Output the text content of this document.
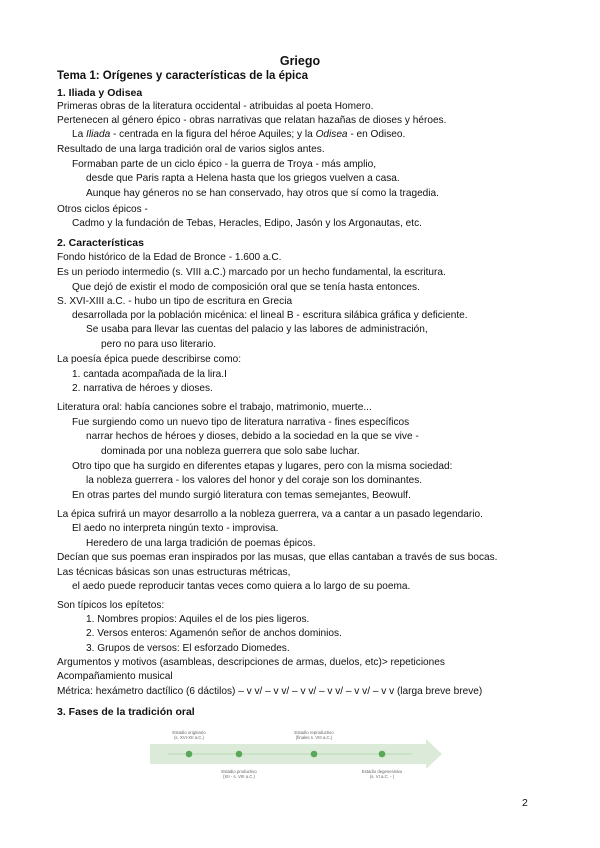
Griego
Tema 1: Orígenes y características de la épica
1. Iliada y Odisea
Primeras obras de la literatura occidental - atribuidas al poeta Homero.
Pertenecen al género épico - obras narrativas que relatan hazañas de dioses y héroes.
La Iliada - centrada en la figura del héroe Aquiles; y la Odisea - en Odiseo.
Resultado de una larga tradición oral de varios siglos antes.
Formaban parte de un ciclo épico - la guerra de Troya - más amplio,
desde que Paris rapta a Helena hasta que los griegos vuelven a casa.
Aunque hay géneros no se han conservado, hay otros que sí como la tragedia.
Otros ciclos épicos -
Cadmo y la fundación de Tebas, Heracles, Edipo, Jasón y los Argonautas, etc.
2. Características
Fondo histórico de la Edad de Bronce - 1.600 a.C.
Es un periodo intermedio (s. VIII a.C.) marcado por un hecho fundamental, la escritura.
Que dejó de existir el modo de composición oral que se tenía hasta entonces.
S. XVI-XIII a.C. - hubo un tipo de escritura en Grecia
desarrollada por la población micénica: el lineal B - escritura silábica gráfica y deficiente.
Se usaba para llevar las cuentas del palacio y las labores de administración,
pero no para uso literario.
La poesía épica puede describirse como:
1. cantada acompañada de la lira.I
2. narrativa de héroes y dioses.
Literatura oral: había canciones sobre el trabajo, matrimonio, muerte...
Fue surgiendo como un nuevo tipo de literatura narrativa - fines específicos
narrar hechos de héroes y dioses, debido a la sociedad en la que se vive -
dominada por una nobleza guerrera que solo sabe luchar.
Otro tipo que ha surgido en diferentes etapas y lugares, pero con la misma sociedad:
la nobleza guerrera - los valores del honor y del coraje son los dominantes.
En otras partes del mundo surgió literatura con temas semejantes, Beowulf.
La épica sufrirá un mayor desarrollo a la nobleza guerrera, va a cantar a un pasado legendario.
El aedo no interpreta ningún texto - improvisa.
Heredero de una larga tradición de poemas épicos.
Decían que sus poemas eran inspirados por las musas, que ellas cantaban a través de sus bocas.
Las técnicas básicas son unas estructuras métricas,
el aedo puede reproducir tantas veces como quiera a lo largo de su poema.
Son típicos los epítetos:
1. Nombres propios: Aquiles el de los pies ligeros.
2. Versos enteros: Agamenón señor de anchos dominios.
3. Grupos de versos: El esforzado Diomedes.
Argumentos y motivos (asambleas, descripciones de armas, duelos, etc)> repeticiones
Acompañamiento musical
Métrica: hexámetro dactílico (6 dáctilos) – v v/ – v v/ – v v/ – v v/ – v v/ – v v (larga breve breve)
3. Fases de la tradición oral
Estadio originario
(s. XVI-XII a.C.)
Estadio productivo
(XII - s. VIII a.C.)
Estadio reproductivo
(finales s. VIII a.C.)
Estadio degenerativo
(s. VI a.C. - )
2
